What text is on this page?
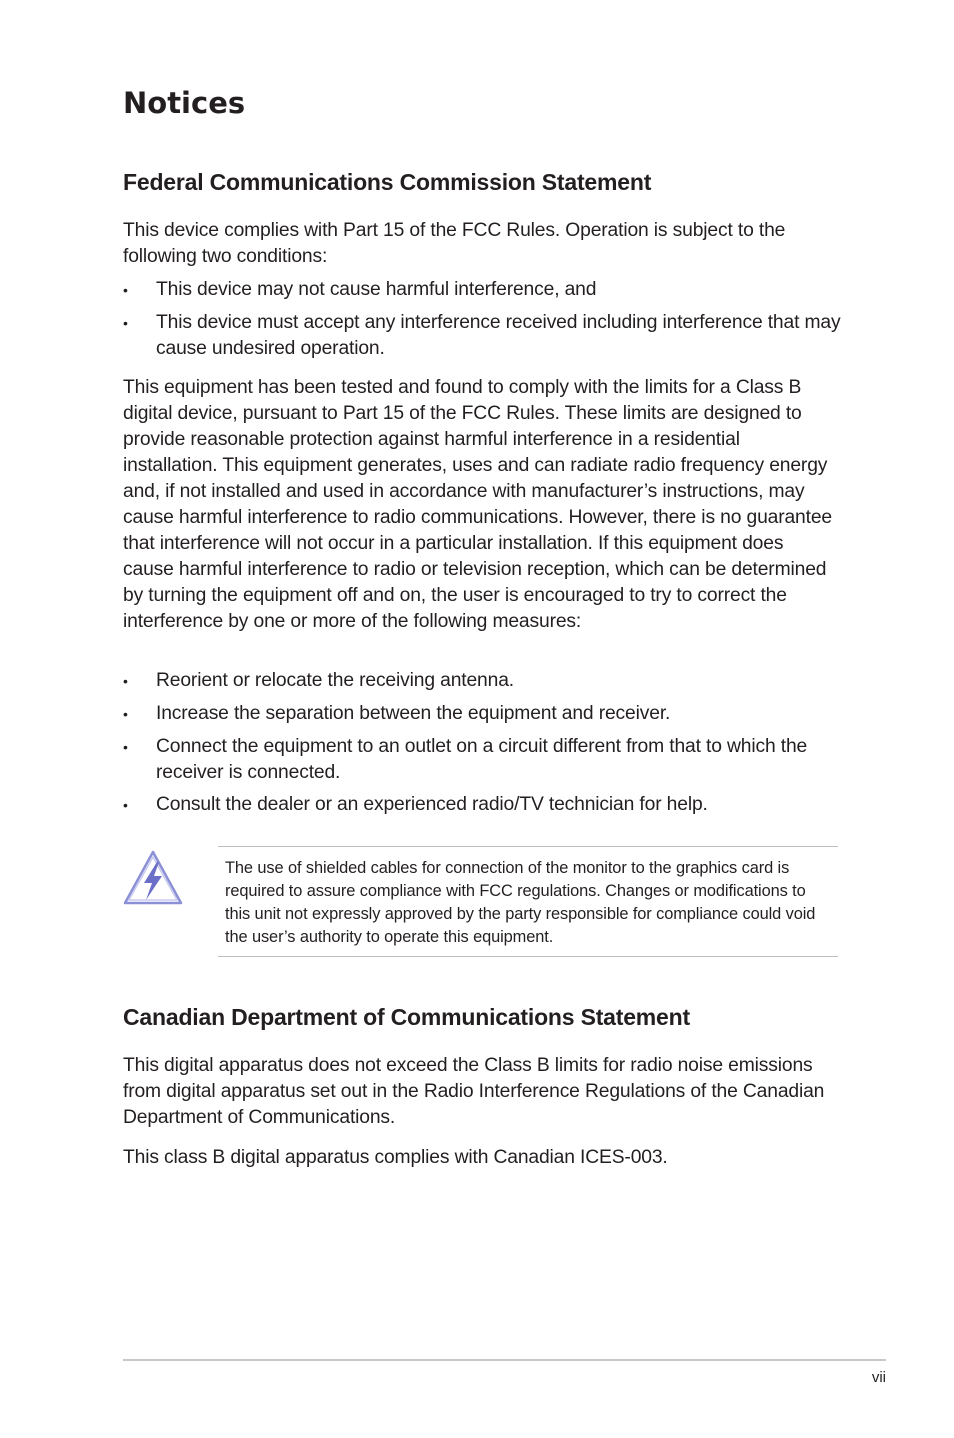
Notices
Federal Communications Commission Statement

This device complies with Part 15 of the FCC Rules. Operation is subject to the following two conditions:

• This device may not cause harmful interference, and
• This device must accept any interference received including interference that may cause undesired operation.

This equipment has been tested and found to comply with the limits for a Class B digital device, pursuant to Part 15 of the FCC Rules. These limits are designed to provide reasonable protection against harmful interference in a residential installation. This equipment generates, uses and can radiate radio frequency energy and, if not installed and used in accordance with manufacturer’s instructions, may cause harmful interference to radio communications. However, there is no guarantee that interference will not occur in a particular installation. If this equipment does cause harmful interference to radio or television reception, which can be determined by turning the equipment off and on, the user is encouraged to try to correct the interference by one or more of the following measures:

• Reorient or relocate the receiving antenna.
• Increase the separation between the equipment and receiver.
• Connect the equipment to an outlet on a circuit different from that to which the receiver is connected.
• Consult the dealer or an experienced radio/TV technician for help.

The use of shielded cables for connection of the monitor to the graphics card is required to assure compliance with FCC regulations. Changes or modifications to this unit not expressly approved by the party responsible for compliance could void the user’s authority to operate this equipment.

Canadian Department of Communications Statement

This digital apparatus does not exceed the Class B limits for radio noise emissions from digital apparatus set out in the Radio Interference Regulations of the Canadian Department of Communications.

This class B digital apparatus complies with Canadian ICES-003.

vii
